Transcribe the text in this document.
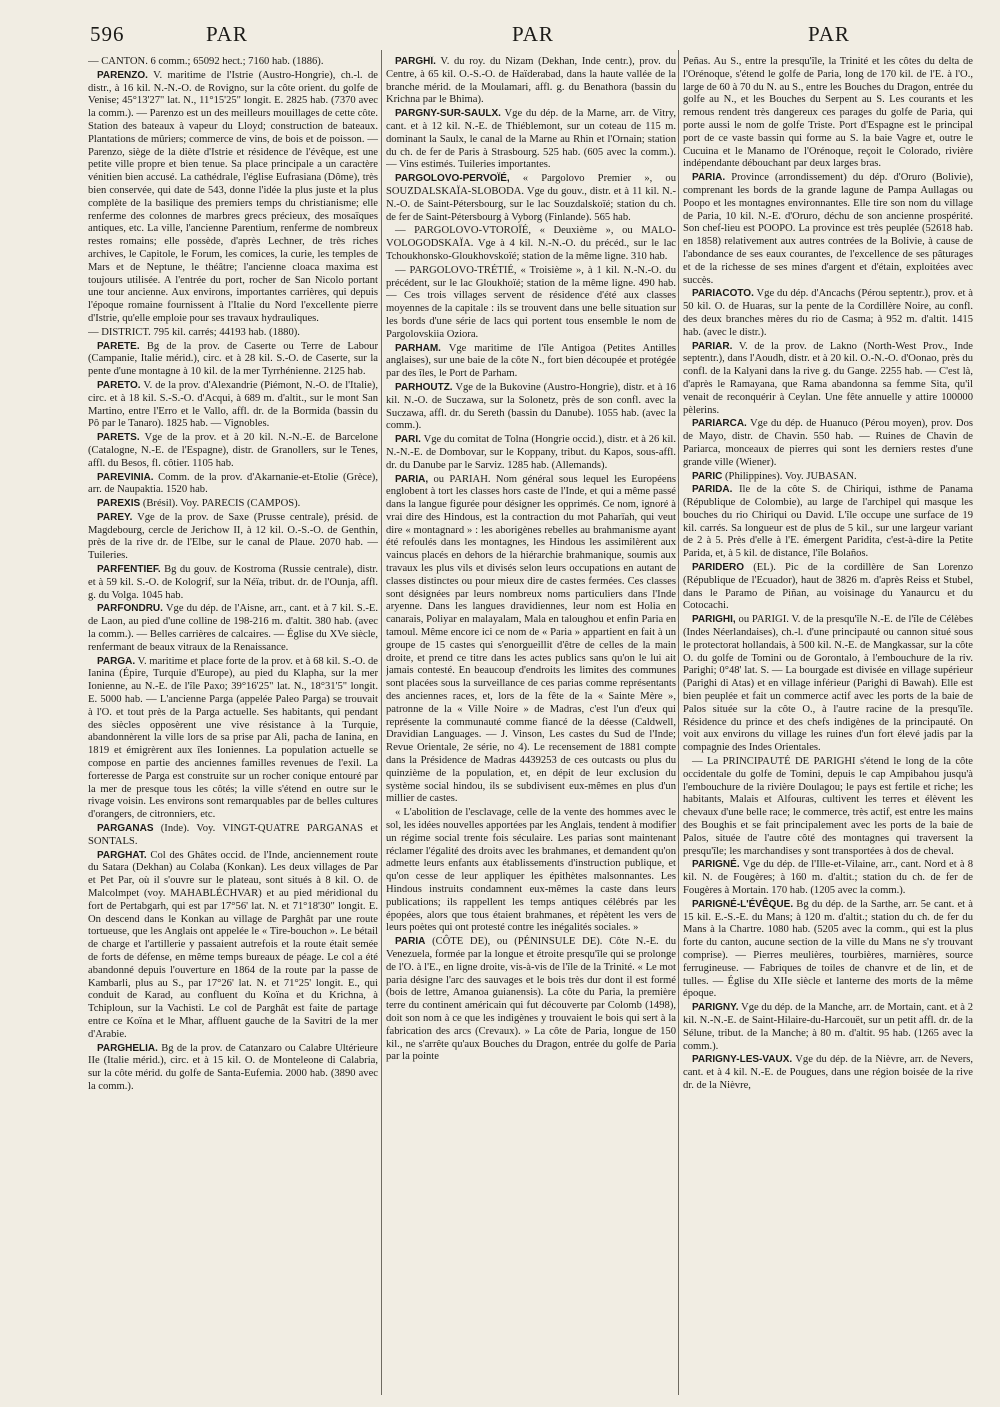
596	PAR	PAR	PAR

— CANTON. 6 comm.; 65092 hect.; 7160 hab. (1886).

PARENZO. V. maritime de l'Istrie (Austro-Hongrie), ch.-l. de distr., à 16 kil. N.-N.-O. de Rovigno, sur la côte orient. du golfe de Venise; 45°13'27" lat. N., 11°15'25" longit. E. 2825 hab. (7370 avec la comm.). — Parenzo est un des meilleurs mouillages de cette côte. Station des bateaux à vapeur du Lloyd; construction de bateaux. Plantations de mûriers; commerce de vins, de bois et de poisson. — Parenzo, siège de la diète d'Istrie et résidence de l'évêque, est une petite ville propre et bien tenue. Sa place principale a un caractère vénitien bien accusé. La cathédrale, l'église Eufrasiana (Dôme), très bien conservée, qui date de 543, donne l'idée la plus juste et la plus complète de la basilique des premiers temps du christianisme; elle renferme des colonnes de marbres grecs précieux, des mosaïques antiques, etc. La ville, l'ancienne Parentium, renferme de nombreux restes romains; elle possède, d'après Lechner, de très riches archives, le Capitole, le Forum, les comices, la curie, les temples de Mars et de Neptune, le théâtre; l'ancienne cloaca maxima est toujours utilisée. A l'entrée du port, rocher de San Nicolo portant une tour ancienne. Aux environs, importantes carrières, qui depuis l'époque romaine fournissent à l'Italie du Nord l'excellente pierre d'Istrie, qu'elle emploie pour ses travaux hydrauliques.

— DISTRICT. 795 kil. carrés; 44193 hab. (1880).

PARETE. Bg de la prov. de Caserte ou Terre de Labour (Campanie, Italie mérid.), circ. et à 28 kil. S.-O. de Caserte, sur la pente d'une montagne à 10 kil. de la mer Tyrrhénienne. 2125 hab.

PARETO. V. de la prov. d'Alexandrie (Piémont, N.-O. de l'Italie), circ. et à 18 kil. S.-S.-O. d'Acqui, à 689 m. d'altit., sur le mont San Martino, entre l'Erro et le Vallo, affl. dr. de la Bormida (bassin du Pô par le Tanaro). 1825 hab. — Vignobles.

PARETS. Vge de la prov. et à 20 kil. N.-N.-E. de Barcelone (Catalogne, N.-E. de l'Espagne), distr. de Granollers, sur le Tenes, affl. du Besos, fl. côtier. 1105 hab.

PAREVINIA. Comm. de la prov. d'Akarnanie-et-Etolie (Grèce), arr. de Naupaktia. 1520 hab.

PAREXIS (Brésil). Voy. PARECIS (CAMPOS).

PAREY. Vge de la prov. de Saxe (Prusse centrale), présid. de Magdebourg, cercle de Jerichow II, à 12 kil. O.-S.-O. de Genthin, près de la rive dr. de l'Elbe, sur le canal de Plaue. 2070 hab. — Tuileries.

PARFENTIEF. Bg du gouv. de Kostroma (Russie centrale), distr. et à 59 kil. S.-O. de Kologrif, sur la Néïa, tribut. dr. de l'Ounja, affl. g. du Volga. 1045 hab.

PARFONDRU. Vge du dép. de l'Aisne, arr., cant. et à 7 kil. S.-E. de Laon, au pied d'une colline de 198-216 m. d'altit. 380 hab. (avec la comm.). — Belles carrières de calcaires. — Église du XVe siècle, renfermant de beaux vitraux de la Renaissance.

PARGA. V. maritime et place forte de la prov. et à 68 kil. S.-O. de Ianina (Épire, Turquie d'Europe), au pied du Klapha, sur la mer Ionienne, au N.-E. de l'île Paxo; 39°16'25" lat. N., 18°31'5" longit. E. 5000 hab. — L'ancienne Parga (appelée Paleo Parga) se trouvait à l'O. et tout près de la Parga actuelle. Ses habitants, qui pendant des siècles opposèrent une vive résistance à la Turquie, abandonnèrent la ville lors de sa prise par Ali, pacha de Ianina, en 1819 et émigrèrent aux îles Ioniennes. La population actuelle se compose en partie des anciennes familles revenues de l'exil. La forteresse de Parga est construite sur un rocher conique entouré par la mer de presque tous les côtés; la ville s'étend en outre sur le rivage voisin. Les environs sont remarquables par de belles cultures d'orangers, de citronniers, etc.

PARGANAS (Inde). Voy. VINGT-QUATRE PARGANAS et SONTALS.

PARGHAT. Col des Ghâtes occid. de l'Inde, anciennement route du Satara (Dekhan) au Colaba (Konkan). Les deux villages de Par et Pet Par, où il s'ouvre sur le plateau, sont situés à 8 kil. O. de Malcolmpet (voy. MAHABLÉCHVAR) et au pied méridional du fort de Pertabgarh, qui est par 17°56' lat. N. et 71°18'30" longit. E. On descend dans le Konkan au village de Parghât par une route tortueuse, que les Anglais ont appelée le « Tire-bouchon ». Le bétail de charge et l'artillerie y passaient autrefois et la route était semée de forts de défense, en même temps bureaux de péage. Le col a été abandonné depuis l'ouverture en 1864 de la route par la passe de Kambarli, plus au S., par 17°26' lat. N. et 71°25' longit. E., qui conduit de Karad, au confluent du Koïna et du Krichna, à Tchiploun, sur la Vachisti. Le col de Parghât est faite de partage entre ce Koïna et le Mhar, affluent gauche de la Savitri de la mer d'Arabie.

PARGHELIA. Bg de la prov. de Catanzaro ou Calabre Ultérieure IIe (Italie mérid.), circ. et à 15 kil. O. de Monteleone di Calabria, sur la côte mérid. du golfe de Santa-Eufemia. 2000 hab. (3890 avec la comm.).

PARGHÎ. V. du roy. du Nizam (Dekhan, Inde centr.), prov. du Centre, à 65 kil. O.-S.-O. de Haïderabad, dans la haute vallée de la branche mérid. de la Moulamari, affl. g. du Benathora (bassin du Krichna par le Bhima).

PARGNY-SUR-SAULX. Vge du dép. de la Marne, arr. de Vitry, cant. et à 12 kil. N.-E. de Thiéblemont, sur un coteau de 115 m. dominant la Saulx, le canal de la Marne au Rhin et l'Ornain; station du ch. de fer de Paris à Strasbourg. 525 hab. (605 avec la comm.). — Vins estimés. Tuileries importantes.

PARGOLOVO-PERVOÏÉ, « Pargolovo Premier », ou SOUZDALSKAÏA-SLOBODA. Vge du gouv., distr. et à 11 kil. N.-N.-O. de Saint-Pétersbourg, sur le lac Souzdalskoïé; station du ch. de fer de Saint-Pétersbourg à Vyborg (Finlande). 565 hab.

— PARGOLOVO-VTOROÏÉ, « Deuxième », ou MALO-VOLOGODSKAÏA. Vge à 4 kil. N.-N.-O. du précéd., sur le lac Tchoukhonsko-Gloukhovskoïé; station de la même ligne. 310 hab.

— PARGOLOVO-TRÉTIÉ, « Troisième », à 1 kil. N.-N.-O. du précédent, sur le lac Gloukhoïé; station de la même ligne. 490 hab. — Ces trois villages servent de résidence d'été aux classes moyennes de la capitale : ils se trouvent dans une belle situation sur les bords d'une série de lacs qui portent tous ensemble le nom de Pargolovskiia Oziora.

PARHAM. Vge maritime de l'île Antigoa (Petites Antilles anglaises), sur une baie de la côte N., fort bien découpée et protégée par des îles, le Port de Parham.

PARHOUTZ. Vge de la Bukovine (Austro-Hongrie), distr. et à 16 kil. N.-O. de Suczawa, sur la Solonetz, près de son confl. avec la Suczawa, affl. dr. du Sereth (bassin du Danube). 1055 hab. (avec la comm.).

PARI. Vge du comitat de Tolna (Hongrie occid.), distr. et à 26 kil. N.-N.-E. de Dombovar, sur le Koppany, tribut. du Kapos, sous-affl. dr. du Danube par le Sarviz. 1285 hab. (Allemands).

PARIA, ou PARIAH. Nom général sous lequel les Européens englobent à tort les classes hors caste de l'Inde, et qui a même passé dans la langue figurée pour désigner les opprimés. Ce nom, ignoré à vrai dire des Hindous, est la contraction du mot Paharïah, qui veut dire « montagnard » : les aborigènes rebelles au brahmanisme ayant été refoulés dans les montagnes, les Hindous les assimilèrent aux vaincus placés en dehors de la hiérarchie brahmanique, soumis aux travaux les plus vils et divisés selon leurs occupations en autant de classes distinctes ou pour mieux dire de castes fermées. Ces classes sont désignées par leurs nombreux noms particuliers dans l'Inde aryenne. Dans les langues dravidiennes, leur nom est Holia en canarais, Poliyar en malayalam, Mala en taloughou et enfin Paria en tamoul. Même encore ici ce nom de « Paria » appartient en fait à un groupe de 15 castes qui s'enorgueillit d'être de celles de la main droite, et prend ce titre dans les actes publics sans qu'on le lui ait jamais contesté. En beaucoup d'endroits les limites des communes sont placées sous la surveillance de ces parias comme représentants des anciennes races, et, lors de la fête de la « Sainte Mère », patronne de la « Ville Noire » de Madras, c'est l'un d'eux qui représente la communauté comme fiancé de la déesse (Caldwell, Dravidian Languages. — J. Vinson, Les castes du Sud de l'Inde; Revue Orientale, 2e série, no 4). Le recensement de 1881 compte dans la Présidence de Madras 4439253 de ces outcasts ou plus du quinzième de la population, et, en dépit de leur exclusion du système social hindou, ils se subdivisent eux-mêmes en plus d'un millier de castes.

« L'abolition de l'esclavage, celle de la vente des hommes avec le sol, les idées nouvelles apportées par les Anglais, tendent à modifier un régime social trente fois séculaire. Les parias sont maintenant réclamer l'égalité des droits avec les brahmanes, et demandent qu'on admette leurs enfants aux établissements d'instruction publique, et qu'on cesse de leur appliquer les épithètes malsonnantes. Les Hindous instruits condamnent eux-mêmes la caste dans leurs publications; ils rappellent les temps antiques célébrés par les épopées, alors que tous étaient brahmanes, et répètent les vers de leurs poètes qui ont protesté contre les inégalités sociales. »

PARIA (CÔTE DE), ou (PÉNINSULE DE). Côte N.-E. du Venezuela, formée par la longue et étroite presqu'île qui se prolonge de l'O. à l'E., en ligne droite, vis-à-vis de l'île de la Trinité. « Le mot paria désigne l'arc des sauvages et le bois très dur dont il est formé (bois de lettre, Amanoa guianensis). La côte du Paria, la première terre du continent américain qui fut découverte par Colomb (1498), doit son nom à ce que les indigènes y trouvaient le bois qui sert à la fabrication des arcs (Crevaux). » La côte de Paria, longue de 150 kil., ne s'arrête qu'aux Bouches du Dragon, entrée du golfe de Paria par la pointe

Peñas. Au S., entre la presqu'île, la Trinité et les côtes du delta de l'Orénoque, s'étend le golfe de Paria, long de 170 kil. de l'E. à l'O., large de 60 à 70 du N. au S., entre les Bouches du Dragon, entrée du golfe au N., et les Bouches du Serpent au S. Les courants et les remous rendent très dangereux ces parages du golfe de Paria, qui porte aussi le nom de golfe Triste. Port d'Espagne est le principal port de ce vaste bassin qui forme au S. la baie Vagre et, outre le Cucuina et le Manamo de l'Orénoque, reçoit le Colorado, rivière indépendante débouchant par deux larges bras.

PARIA. Province (arrondissement) du dép. d'Oruro (Bolivie), comprenant les bords de la grande lagune de Pampa Aullagas ou Poopo et les montagnes environnantes. Elle tire son nom du village de Paria, 10 kil. N.-E. d'Oruro, déchu de son ancienne prospérité. Son chef-lieu est POOPO. La province est très peuplée (52618 hab. en 1858) relativement aux autres contrées de la Bolivie, à cause de l'abondance de ses eaux courantes, de l'excellence de ses pâturages et de la richesse de ses mines d'argent et d'étain, exploitées avec succès.

PARIACOTO. Vge du dép. d'Ancachs (Pérou septentr.), prov. et à 50 kil. O. de Huaras, sur la pente de la Cordillère Noire, au confl. des deux branches mères du rio de Casma; à 952 m. d'altit. 1415 hab. (avec le distr.).

PARIAR. V. de la prov. de Lakno (North-West Prov., Inde septentr.), dans l'Aoudh, distr. et à 20 kil. O.-N.-O. d'Oonao, près du confl. de la Kalyani dans la rive g. du Gange. 2255 hab. — C'est là, d'après le Ramayana, que Rama abandonna sa femme Sita, qu'il venait de reconquérir à Ceylan. Une fête annuelle y attire 100000 pèlerins.

PARIARCA. Vge du dép. de Huanuco (Pérou moyen), prov. Dos de Mayo, distr. de Chavin. 550 hab. — Ruines de Chavin de Pariarca, monceaux de pierres qui sont les derniers restes d'une grande ville (Wiener).

PARIC (Philippines). Voy. JUBASAN.

PARIDA. Ile de la côte S. de Chiriqui, isthme de Panama (République de Colombie), au large de l'archipel qui masque les bouches du rio Chiriqui ou David. L'île occupe une surface de 19 kil. carrés. Sa longueur est de plus de 5 kil., sur une largeur variant de 2 à 5. Près d'elle à l'E. émergent Paridita, c'est-à-dire la Petite Parida, et, à 5 kil. de distance, l'île Bolaños.

PARIDERO (EL). Pic de la cordillère de San Lorenzo (République de l'Ecuador), haut de 3826 m. d'après Reiss et Stubel, dans le Paramo de Piñan, au voisinage du Yanaurcu et du Cotocachi.

PARIGHI, ou PARIGI. V. de la presqu'île N.-E. de l'île de Célèbes (Indes Néerlandaises), ch.-l. d'une principauté ou cannon situé sous le protectorat hollandais, à 500 kil. N.-E. de Mangkassar, sur la côte O. du golfe de Tomini ou de Gorontalo, à l'embouchure de la riv. Parighi; 0°48' lat. S. — La bourgade est divisée en village supérieur (Parighi di Atas) et en village inférieur (Parighi di Bawah). Elle est bien peuplée et fait un commerce actif avec les ports de la baie de Palos située sur la côte O., à l'autre racine de la presqu'île. Résidence du prince et des chefs indigènes de la principauté. On voit aux environs du village les ruines d'un fort élevé jadis par la compagnie des Indes Orientales.

— La PRINCIPAUTÉ DE PARIGHI s'étend le long de la côte occidentale du golfe de Tomini, depuis le cap Ampibahou jusqu'à l'embouchure de la rivière Doulagou; le pays est fertile et riche; les habitants, Malais et Alfouras, cultivent les terres et élèvent les chevaux d'une belle race; le commerce, très actif, est entre les mains des Boughis et se fait principalement avec les ports de la baie de Palos, située de l'autre côté des montagnes qui traversent la presqu'île; les marchandises y sont transportées à dos de cheval.

PARIGNÉ. Vge du dép. de l'Ille-et-Vilaine, arr., cant. Nord et à 8 kil. N. de Fougères; à 160 m. d'altit.; station du ch. de fer de Fougères à Mortain. 170 hab. (1205 avec la comm.).

PARIGNÉ-L'ÉVÊQUE. Bg du dép. de la Sarthe, arr. 5e cant. et à 15 kil. E.-S.-E. du Mans; à 120 m. d'altit.; station du ch. de fer du Mans à la Chartre. 1080 hab. (5205 avec la comm., qui est la plus forte du canton, aucune section de la ville du Mans ne s'y trouvant comprise). — Pierres meulières, tourbières, marnières, source ferrugineuse. — Fabriques de toiles de chanvre et de lin, et de tulles. — Église du XIIe siècle et lanterne des morts de la même époque.

PARIGNY. Vge du dép. de la Manche, arr. de Mortain, cant. et à 2 kil. N.-N.-E. de Saint-Hilaire-du-Harcouët, sur un petit affl. dr. de la Sélune, tribut. de la Manche; à 80 m. d'altit. 95 hab. (1265 avec la comm.).

PARIGNY-LES-VAUX. Vge du dép. de la Nièvre, arr. de Nevers, cant. et à 4 kil. N.-E. de Pougues, dans une région boisée de la rive dr. de la Nièvre,
